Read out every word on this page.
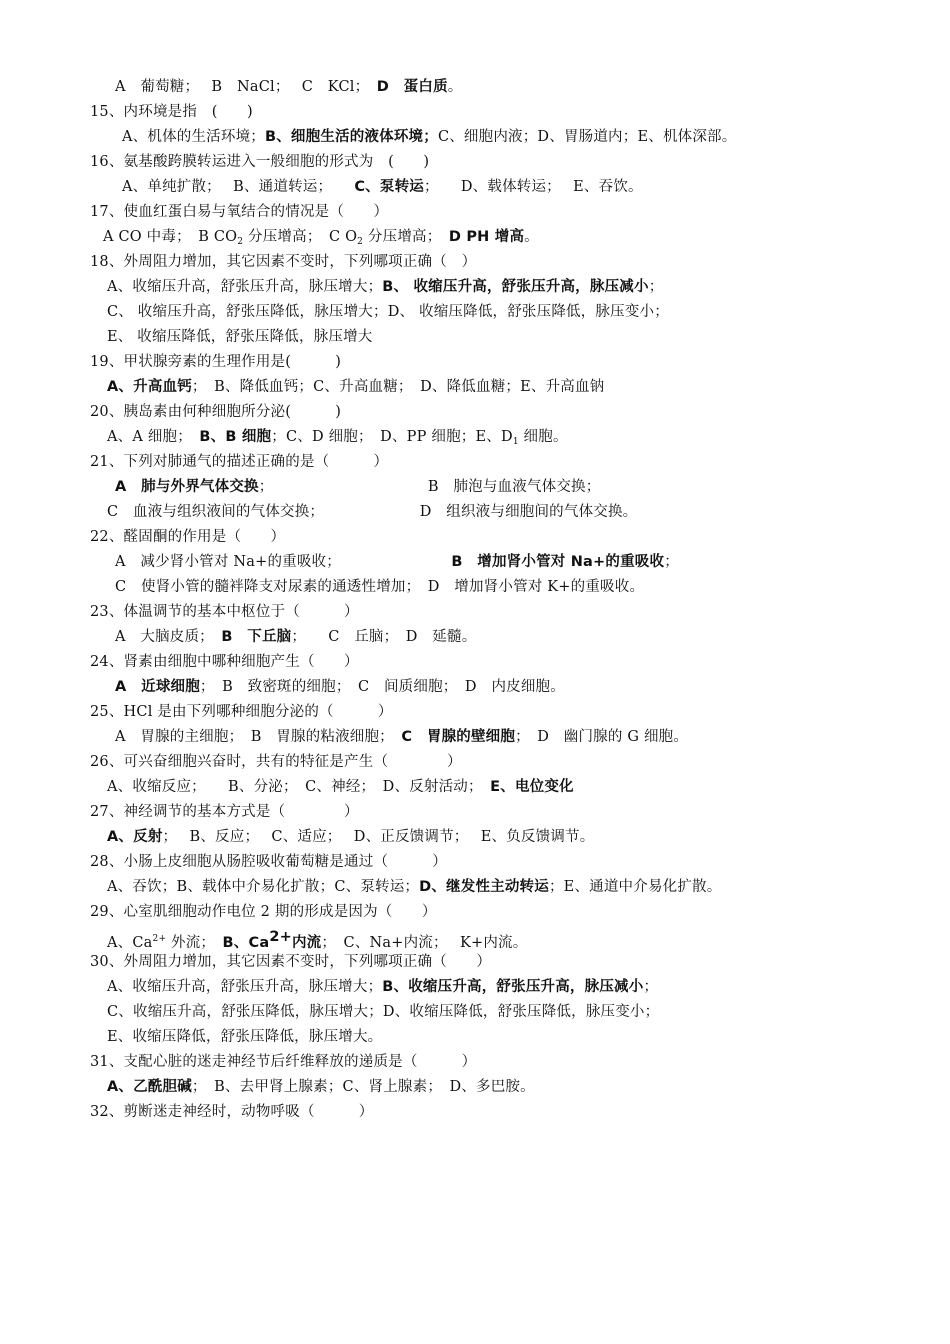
A　葡萄糖；　 B　NaCl；　 C　KCl；　D　蛋白质。
15、内环境是指　(　　)
A、机体的生活环境；B、细胞生活的液体环境；C、细胞内液；D、胃肠道内；E、机体深部。
16、氨基酸跨膜转运进入一般细胞的形式为　(　　)
A、单纯扩散；　 B、通道转运；　　C、泵转运；　　D、载体转运；　 E、吞饮。
17、使血红蛋白易与氧结合的情况是（　　）
A CO 中毒；　B $CO_2$ 分压增高；　C $O_2$ 分压增高；　D PH 增高。
18、外周阻力增加，其它因素不变时，下列哪项正确（　）
A、收缩压升高，舒张压升高，脉压增大；B、 收缩压升高，舒张压升高，脉压减小；
C、 收缩压升高，舒张压降低，脉压增大；D、 收缩压降低，舒张压降低，脉压变小；
E、 收缩压降低，舒张压降低，脉压增大
19、甲状腺旁素的生理作用是(　　　)
A、升高血钙；　B、降低血钙；C、升高血糖；　D、降低血糖；E、升高血钠
20、胰岛素由何种细胞所分泌(　　　)
A、A 细胞；　B、B 细胞；C、D 细胞；　D、PP 细胞；E、$D_1$ 细胞。
21、下列对肺通气的描述正确的是（　　　）
A　肺与外界气体交换；　　　　　　　　　　　B　肺泡与血液气体交换；
C　血液与组织液间的气体交换；　　　　　　　D　组织液与细胞间的气体交换。
22、醛固酮的作用是（　　）
A　减少肾小管对 Na+的重吸收；　　　　　　　　B　增加肾小管对 Na+的重吸收；
C　使肾小管的髓袢降支对尿素的通透性增加；　D　增加肾小管对 K+的重吸收。
23、体温调节的基本中枢位于（　　　）
A　大脑皮质；　B　下丘脑；　　C　丘脑；　D　延髓。
24、肾素由细胞中哪种细胞产生（　　）
A　近球细胞；　B　致密斑的细胞；　C　间质细胞；　D　内皮细胞。
25、HCl 是由下列哪种细胞分泌的（　　　）
A　胃腺的主细胞；　B　胃腺的粘液细胞；　C　胃腺的壁细胞；　D　幽门腺的 G 细胞。
26、可兴奋细胞兴奋时，共有的特征是产生（　　　　）
A、收缩反应；　　B、分泌；　C、神经；　D、反射活动；　E、电位变化
27、神经调节的基本方式是（　　　　）
A、反射；　 B、反应；　 C、适应；　 D、正反馈调节；　 E、负反馈调节。
28、小肠上皮细胞从肠腔吸收葡萄糖是通过（　　　）
A、吞饮；B、载体中介易化扩散；C、泵转运；D、继发性主动转运；E、通道中介易化扩散。
29、心室肌细胞动作电位 2 期的形成是因为（　　）
A、$Ca^{2+}$ 外流；　B、$Ca^{2+}$内流；　C、Na+内流；　 K+内流。
30、外周阻力增加，其它因素不变时，下列哪项正确（　　）
A、收缩压升高，舒张压升高，脉压增大；B、收缩压升高，舒张压升高，脉压减小；
C、收缩压升高，舒张压降低，脉压增大；D、收缩压降低，舒张压降低，脉压变小；
E、收缩压降低，舒张压降低，脉压增大。
31、支配心脏的迷走神经节后纤维释放的递质是（　　　）
A、乙酰胆碱；　B、去甲肾上腺素；C、肾上腺素；　D、多巴胺。
32、剪断迷走神经时，动物呼吸（　　　）
